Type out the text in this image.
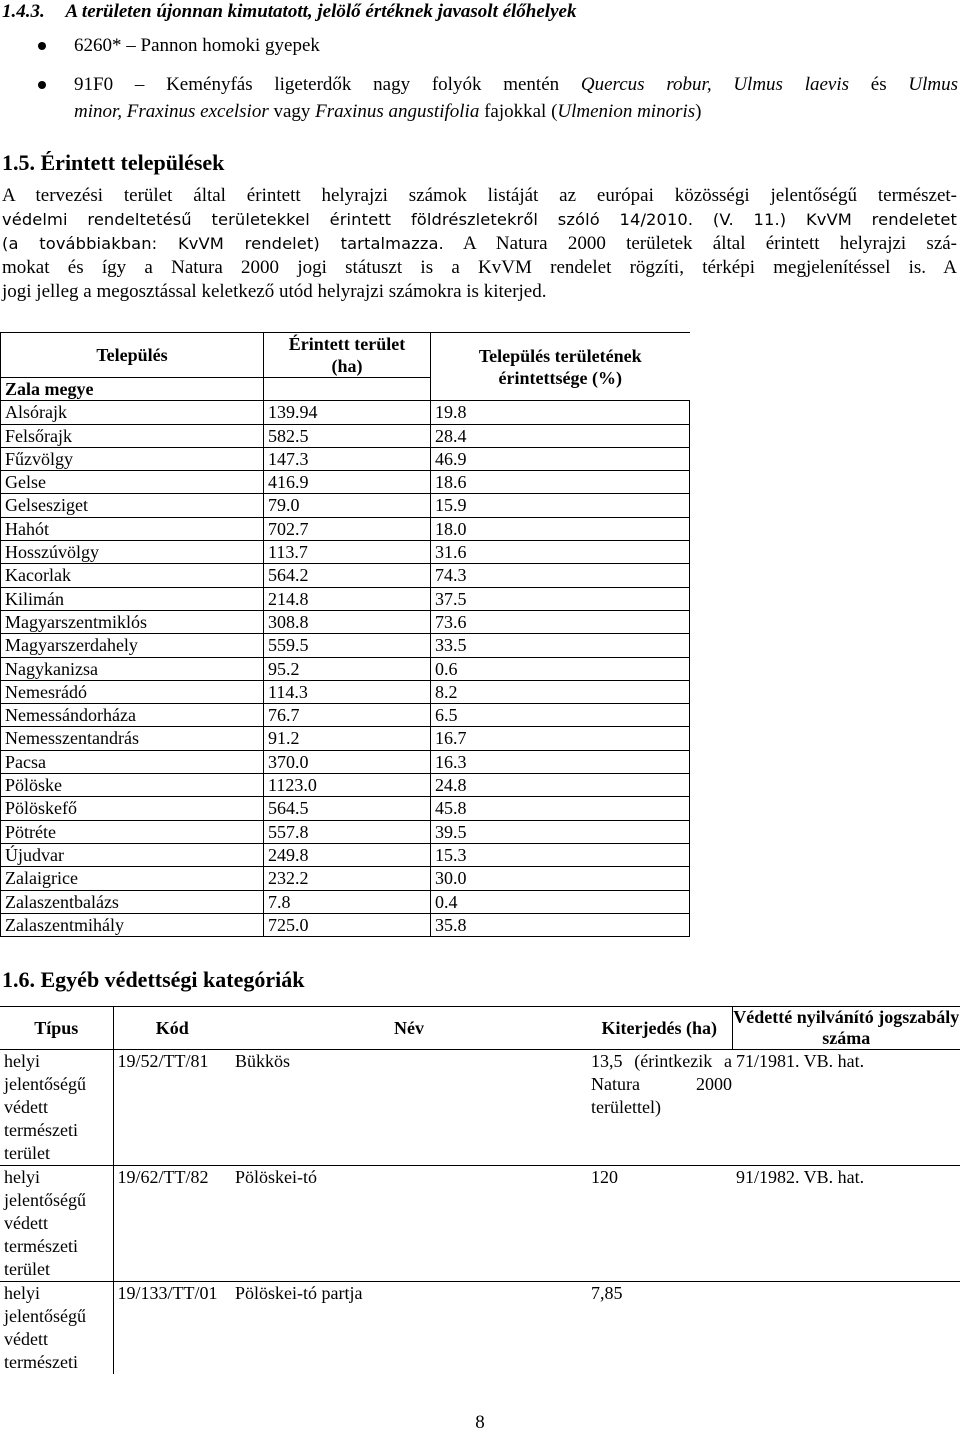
1.4.3. A területen újonnan kimutatott, jelölő értéknek javasolt élőhelyek
6260* – Pannon homoki gyepek
91F0 – Keményfás ligeterdők nagy folyók mentén Quercus robur, Ulmus laevis és Ulmus
minor, Fraxinus excelsior vagy Fraxinus angustifolia fajokkal (Ulmenion minoris)
1.5. Érintett települések
A tervezési terület által érintett helyrajzi számok listáját az európai közösségi jelentőségű természet-
védelmi rendeltetésű területekkel érintett földrészletekről szóló 14/2010. (V. 11.) KvVM rendeletet
(a továbbiakban: KvVM rendelet) tartalmazza. A Natura 2000 területek által érintett helyrajzi szá-
mokat és így a Natura 2000 jogi státuszt is a KvVM rendelet rögzíti, térképi megjelenítéssel is. A
jogi jelleg a megosztással keletkező utód helyrajzi számokra is kiterjed.
Település	Érintett terület (ha)	Település területének érintettsége (%)
Zala megye		
Alsórajk	139.94	19.8
Felsőrajk	582.5	28.4
Fűzvölgy	147.3	46.9
Gelse	416.9	18.6
Gelsesziget	79.0	15.9
Hahót	702.7	18.0
Hosszúvölgy	113.7	31.6
Kacorlak	564.2	74.3
Kilimán	214.8	37.5
Magyarszentmiklós	308.8	73.6
Magyarszerdahely	559.5	33.5
Nagykanizsa	95.2	0.6
Nemesrádó	114.3	8.2
Nemessándorháza	76.7	6.5
Nemesszentandrás	91.2	16.7
Pacsa	370.0	16.3
Pölöske	1123.0	24.8
Pölöskefő	564.5	45.8
Pötréte	557.8	39.5
Újudvar	249.8	15.3
Zalaigrice	232.2	30.0
Zalaszentbalázs	7.8	0.4
Zalaszentmihály	725.0	35.8
1.6. Egyéb védettségi kategóriák
Típus	Kód	Név	Kiterjedés (ha)	Védetté nyilvánító jogszabály száma
helyi jelentőségű védett természeti terület	19/52/TT/81	Bükkös	13,5 (érintkezik a Natura 2000 területtel)	71/1981. VB. hat.
helyi jelentőségű védett természeti terület	19/62/TT/82	Pölöskei-tó	120	91/1982. VB. hat.
helyi jelentőségű védett természeti	19/133/TT/01	Pölöskei-tó partja	7,85	
8
